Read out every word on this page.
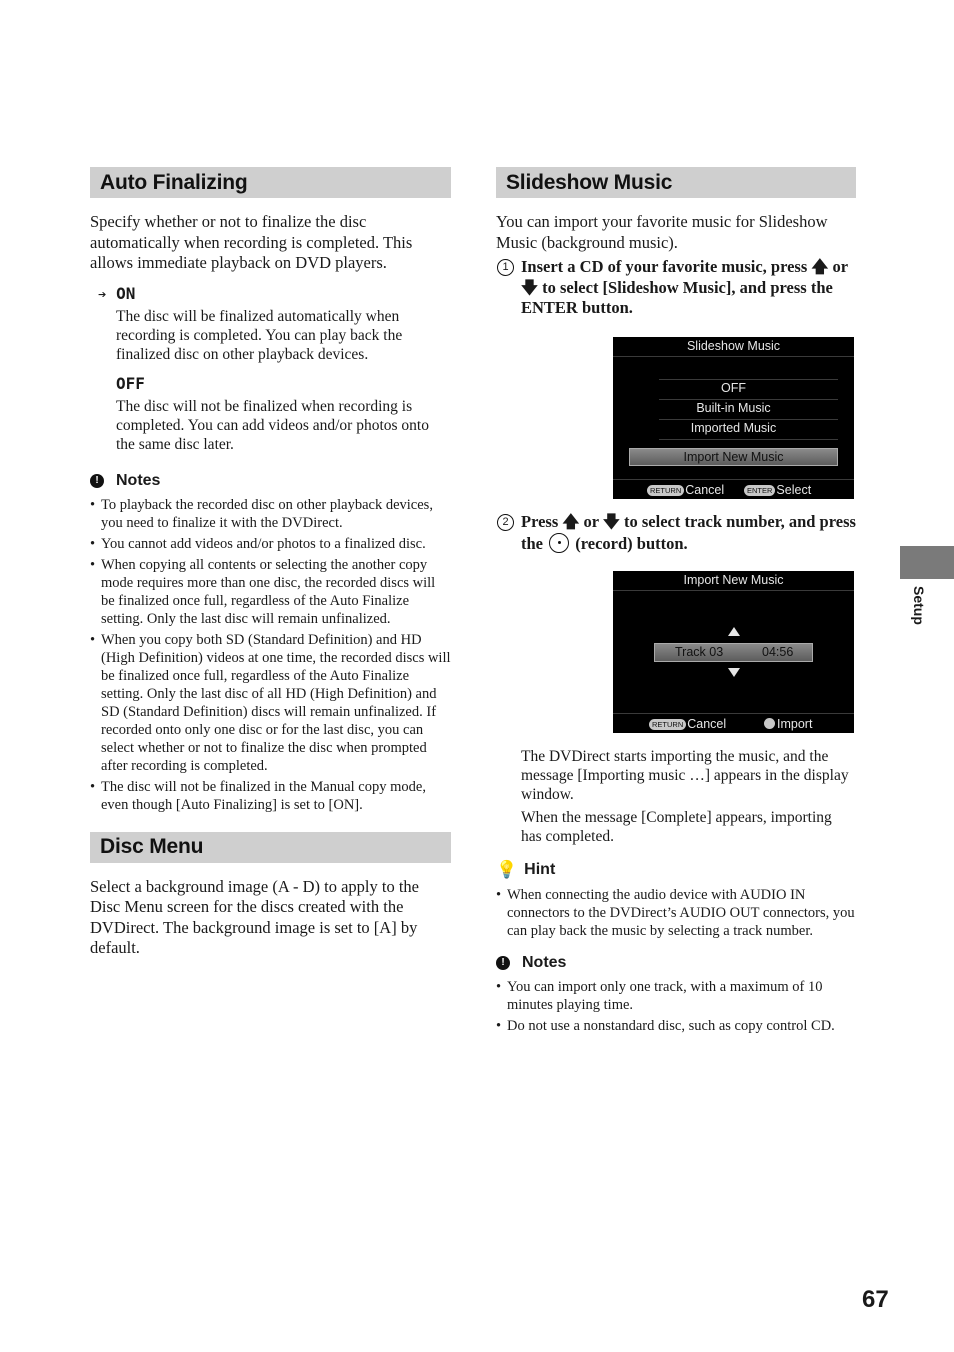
Auto Finalizing

Specify whether or not to finalize the disc automatically when recording is completed. This allows immediate playback on DVD players.

➔ ON

The disc will be finalized automatically when recording is completed. You can play back the finalized disc on other playback devices.

OFF

The disc will not be finalized when recording is completed. You can add videos and/or photos onto the same disc later.

!	Notes
• To playback the recorded disc on other playback devices, you need to finalize it with the DVDirect.
• You cannot add videos and/or photos to a finalized disc.
• When copying all contents or selecting the another copy mode requires more than one disc, the recorded discs will be finalized once full, regardless of the Auto Finalize setting. Only the last disc will remain unfinalized.
• When you copy both SD (Standard Definition) and HD (High Definition) videos at one time, the recorded discs will be finalized once full, regardless of the Auto Finalize setting. Only the last disc of all HD (High Definition) and SD (Standard Definition) discs will remain unfinalized. If recorded onto only one disc or for the last disc, you can select whether or not to finalize the disc when prompted after recording is completed.
• The disc will not be finalized in the Manual copy mode, even though [Auto Finalizing] is set to [ON].
Disc Menu

Select a background image (A - D) to apply to the Disc Menu screen for the discs created with the DVDirect. The background image is set to [A] by default.

Slideshow Music

You can import your favorite music for Slideshow Music (background music).

1 Insert a CD of your favorite music, press 🡅 or 🡇 to select [Slideshow Music], and press the ENTER button.
Slideshow Music
OFF
Built-in Music
Imported Music
Import New Music
RETURN Cancel	ENTER Select
2 Press 🡅 or 🡇 to select track number, and press the  (record) button.
Import New Music
Track 03	04:56
RETURN Cancel	Import

The DVDirect starts importing the music, and the message [Importing music …] appears in the display window.

When the message [Complete] appears, importing has completed.

💡 Hint
• When connecting the audio device with AUDIO IN connectors to the DVDirect’s AUDIO OUT connectors, you can play back the music by selecting a track number.
!	Notes
• You can import only one track, with a maximum of 10 minutes playing time.
• Do not use a nonstandard disc, such as copy control CD.
Setup
67
